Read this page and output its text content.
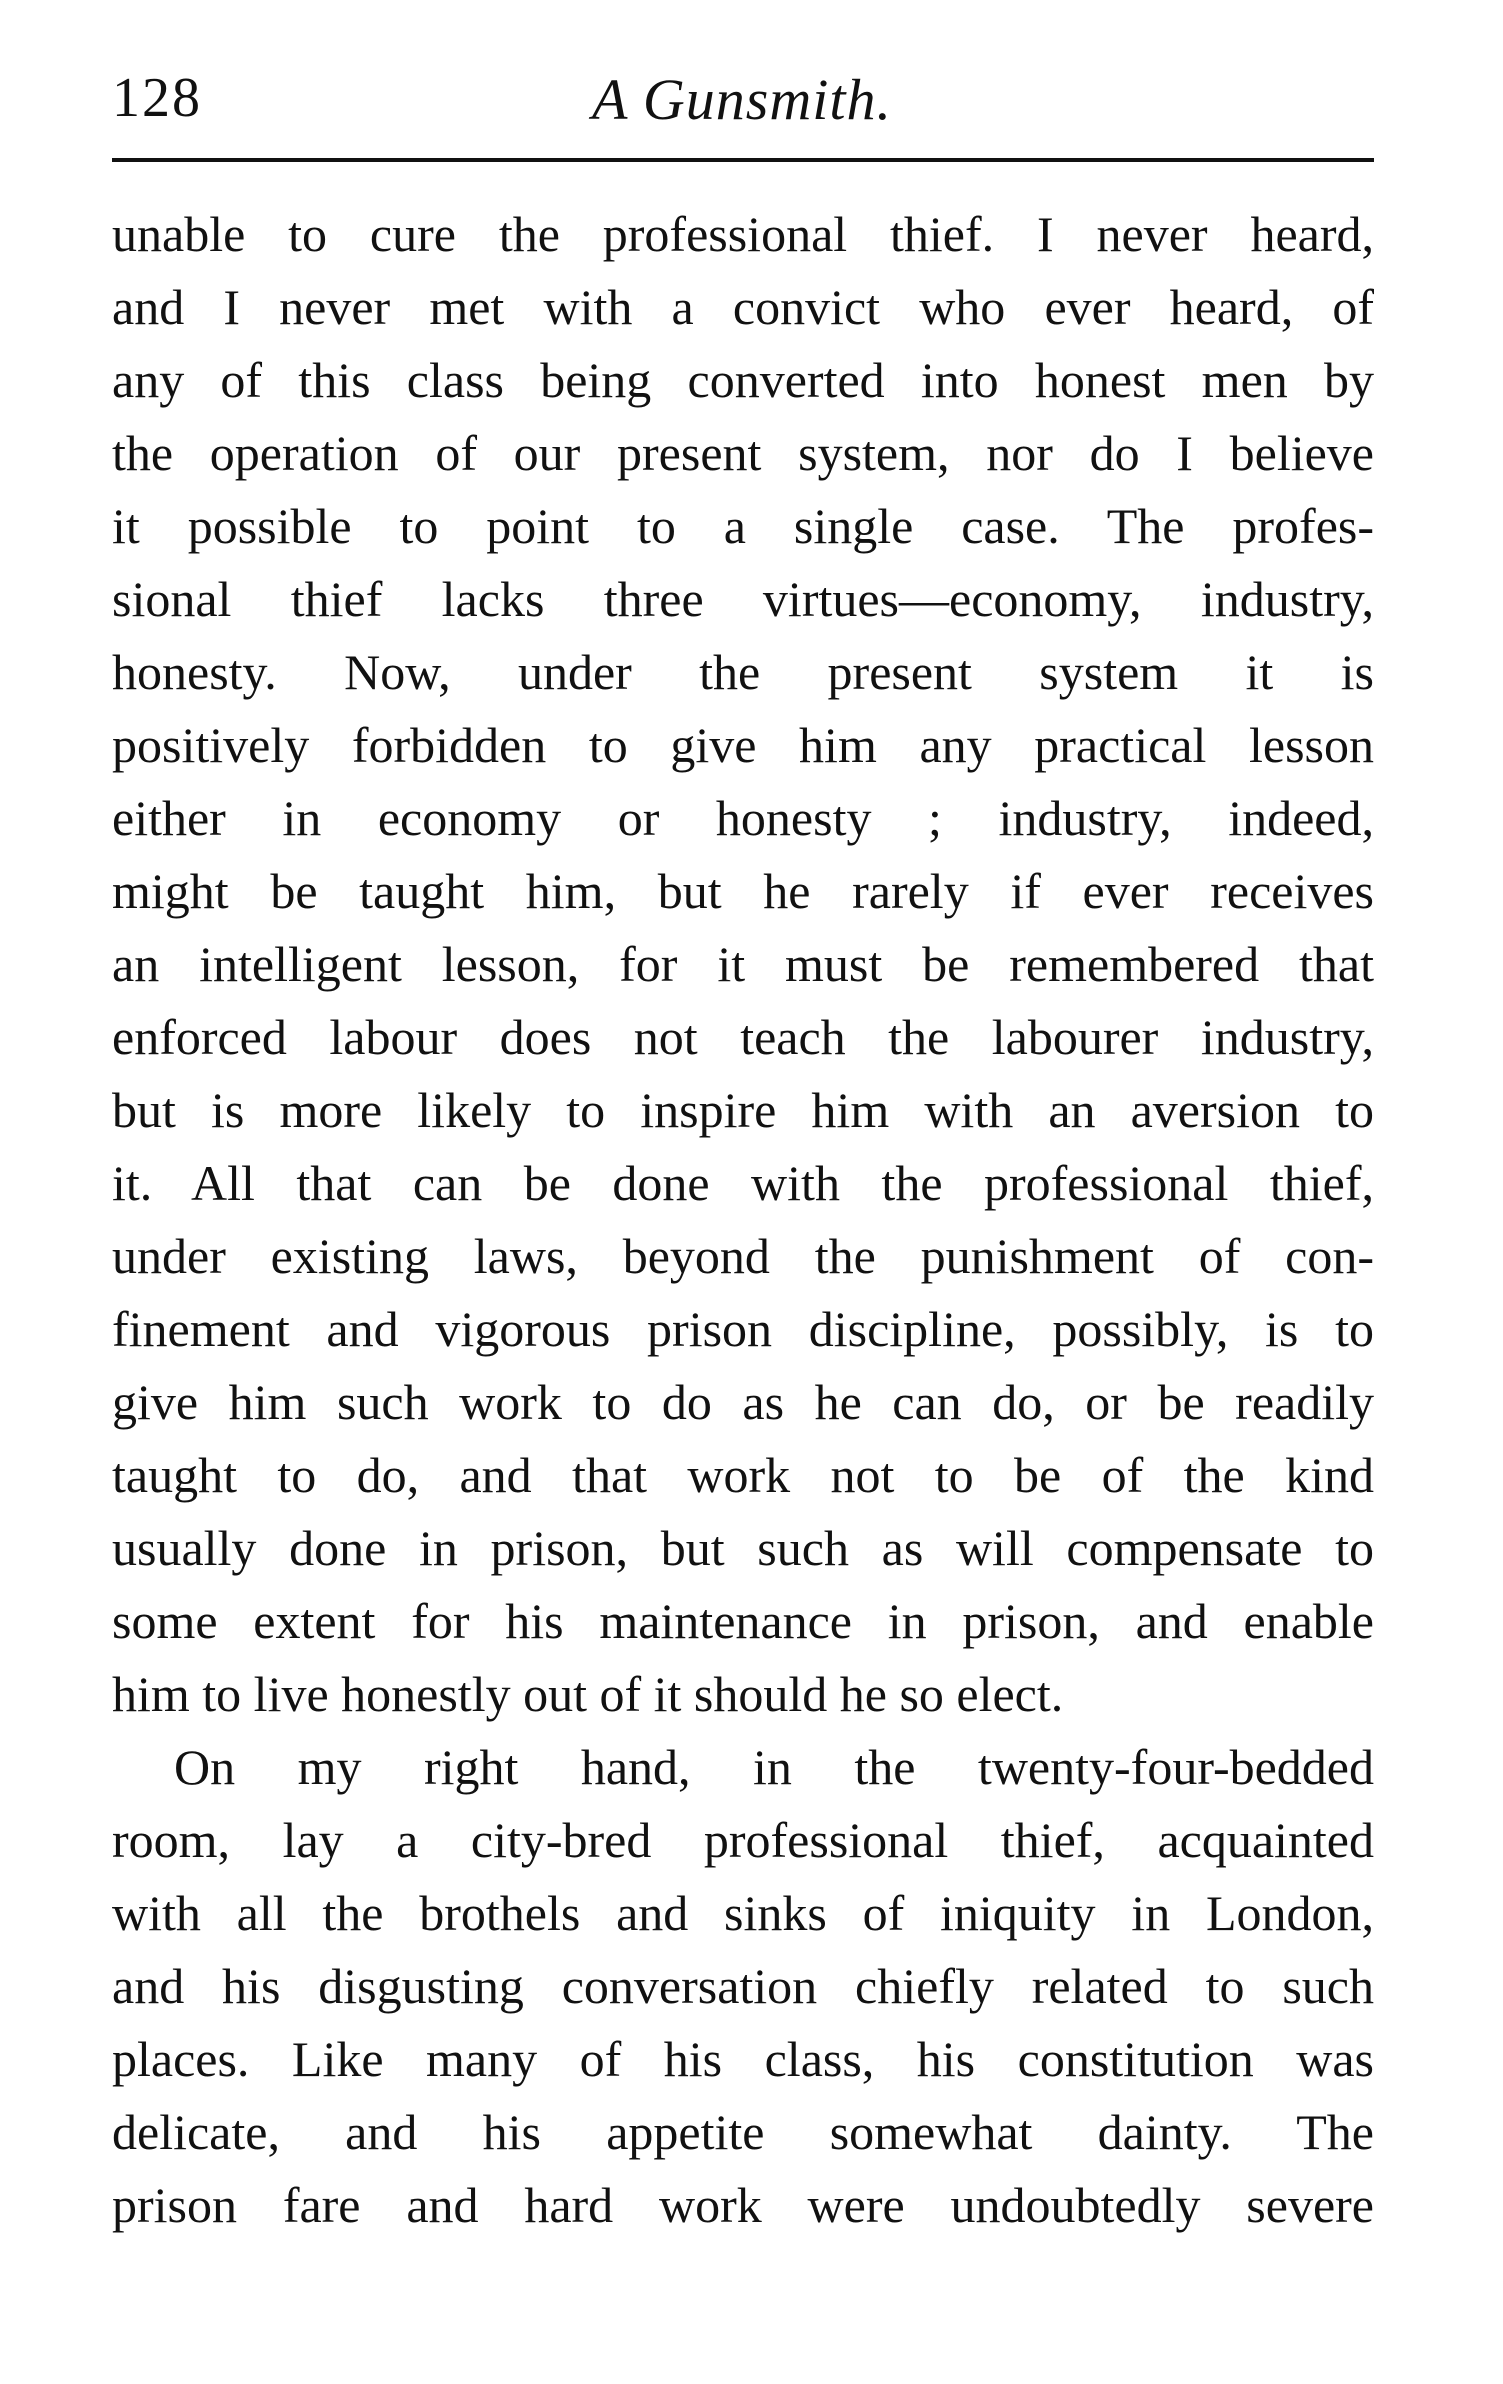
128	A Gunsmith.
unable to cure the professional thief. I never heard,
and I never met with a convict who ever heard, of
any of this class being converted into honest men by
the operation of our present system, nor do I believe
it possible to point to a single case. The profes-
sional thief lacks three virtues—economy, industry,
honesty. Now, under the present system it is
positively forbidden to give him any practical lesson
either in economy or honesty ; industry, indeed,
might be taught him, but he rarely if ever receives
an intelligent lesson, for it must be remembered that
enforced labour does not teach the labourer industry,
but is more likely to inspire him with an aversion to
it. All that can be done with the professional thief,
under existing laws, beyond the punishment of con-
finement and vigorous prison discipline, possibly, is to
give him such work to do as he can do, or be readily
taught to do, and that work not to be of the kind
usually done in prison, but such as will compensate to
some extent for his maintenance in prison, and enable
him to live honestly out of it should he so elect.
On my right hand, in the twenty-four-bedded
room, lay a city-bred professional thief, acquainted
with all the brothels and sinks of iniquity in London,
and his disgusting conversation chiefly related to such
places. Like many of his class, his constitution was
delicate, and his appetite somewhat dainty. The
prison fare and hard work were undoubtedly severe
